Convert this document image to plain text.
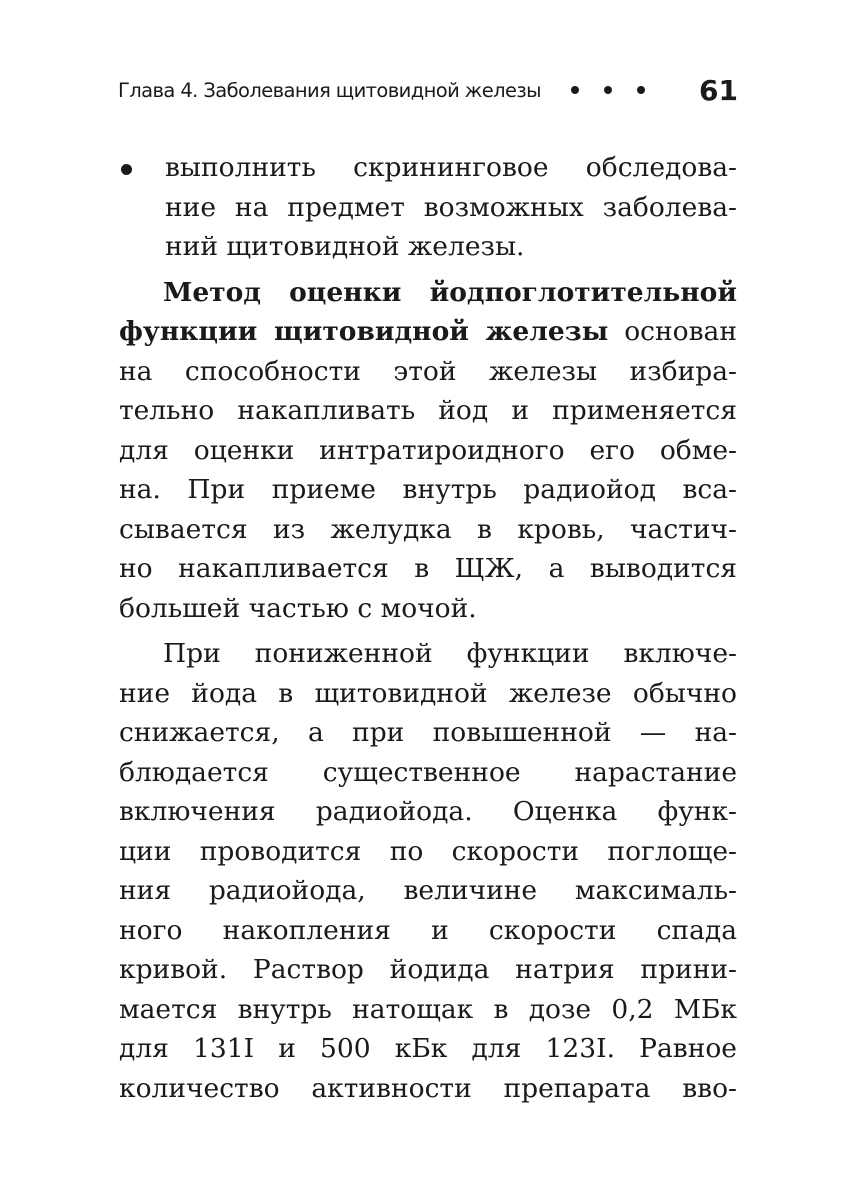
Глава 4. Заболевания щитовидной железы	61
выполнить скрининговое обследова-
ние на предмет возможных заболева-
ний щитовидной железы.
Метод оценки йодпоглотительной
функции щитовидной железы основан
на способности этой железы избира-
тельно накапливать йод и применяется
для оценки интратироидного его обме-
на. При приеме внутрь радиойод вса-
сывается из желудка в кровь, частич-
но накапливается в ЩЖ, а выводится
большей частью с мочой.
При пониженной функции включе-
ние йода в щитовидной железе обычно
снижается, а при повышенной — на-
блюдается существенное нарастание
включения радиойода. Оценка функ-
ции проводится по скорости поглоще-
ния радиойода, величине максималь-
ного накопления и скорости спада
кривой. Раствор йодида натрия прини-
мается внутрь натощак в дозе 0,2 МБк
для 131I и 500 кБк для 123I. Равное
количество активности препарата вво-
